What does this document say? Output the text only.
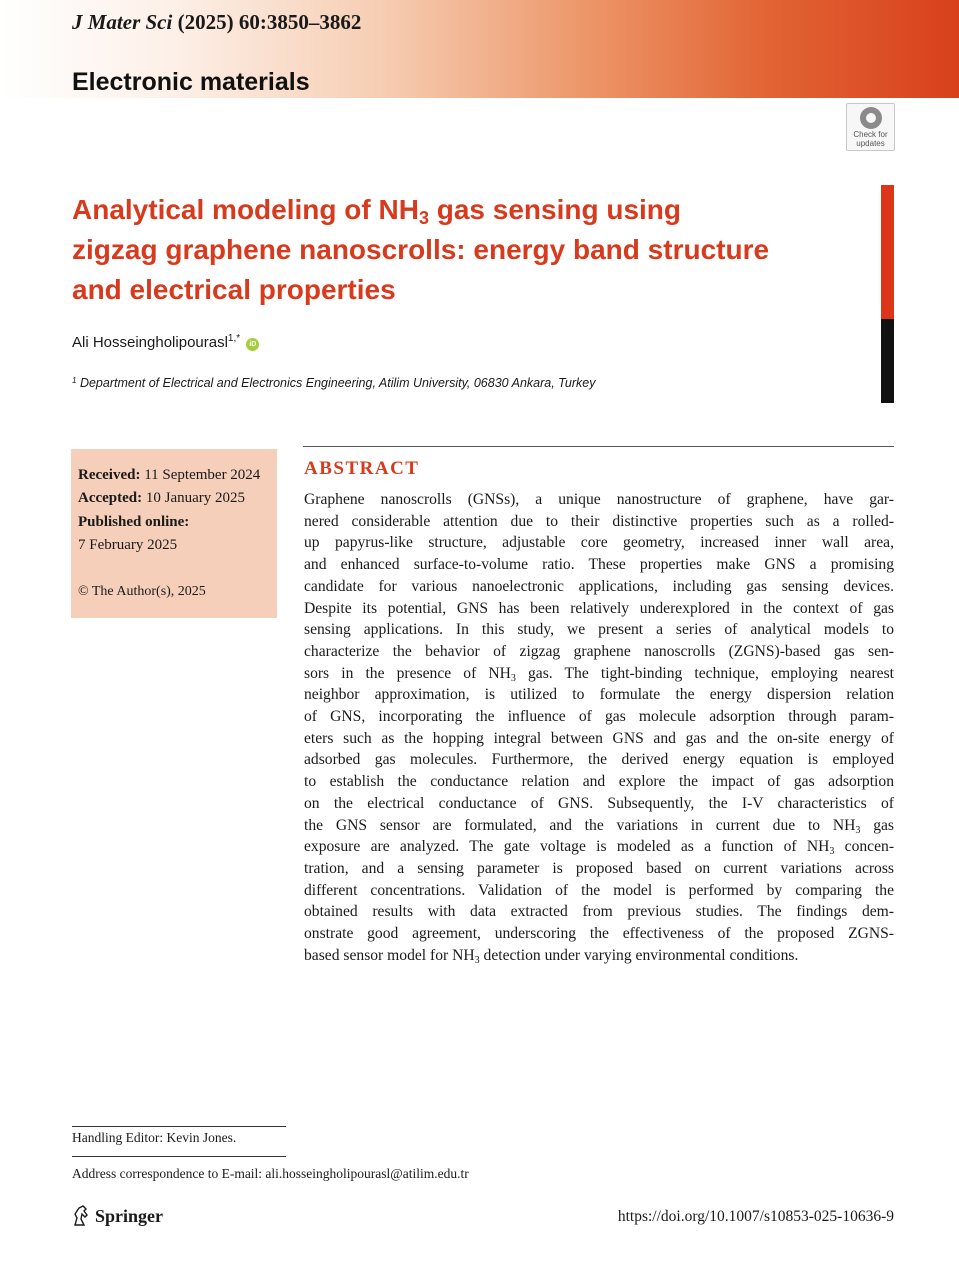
J Mater Sci (2025) 60:3850–3862
Electronic materials
Check for
updates
Analytical modeling of $NH_3$ gas sensing using
zigzag graphene nanoscrolls: energy band structure
and electrical properties
Ali Hosseingholipourasl$^{1,*}$ iD
$^1$ Department of Electrical and Electronics Engineering, Atilim University, 06830 Ankara, Turkey
Received: 11 September 2024
Accepted: 10 January 2025
Published online:
7 February 2025
© The Author(s), 2025
ABSTRACT
Graphene nanoscrolls (GNSs), a unique nanostructure of graphene, have gar-
nered considerable attention due to their distinctive properties such as a rolled-
up papyrus-like structure, adjustable core geometry, increased inner wall area,
and enhanced surface-to-volume ratio. These properties make GNS a promising
candidate for various nanoelectronic applications, including gas sensing devices.
Despite its potential, GNS has been relatively underexplored in the context of gas
sensing applications. In this study, we present a series of analytical models to
characterize the behavior of zigzag graphene nanoscrolls (ZGNS)-based gas sen-
sors in the presence of $NH_3$ gas. The tight-binding technique, employing nearest
neighbor approximation, is utilized to formulate the energy dispersion relation
of GNS, incorporating the influence of gas molecule adsorption through param-
eters such as the hopping integral between GNS and gas and the on-site energy of
adsorbed gas molecules. Furthermore, the derived energy equation is employed
to establish the conductance relation and explore the impact of gas adsorption
on the electrical conductance of GNS. Subsequently, the I-V characteristics of
the GNS sensor are formulated, and the variations in current due to $NH_3$ gas
exposure are analyzed. The gate voltage is modeled as a function of $NH_3$ concen-
tration, and a sensing parameter is proposed based on current variations across
different concentrations. Validation of the model is performed by comparing the
obtained results with data extracted from previous studies. The findings dem-
onstrate good agreement, underscoring the effectiveness of the proposed ZGNS-
based sensor model for $NH_3$ detection under varying environmental conditions.
Handling Editor: Kevin Jones.
Address correspondence to E-mail: ali.hosseingholipourasl@atilim.edu.tr
Springer	https://doi.org/10.1007/s10853-025-10636-9
